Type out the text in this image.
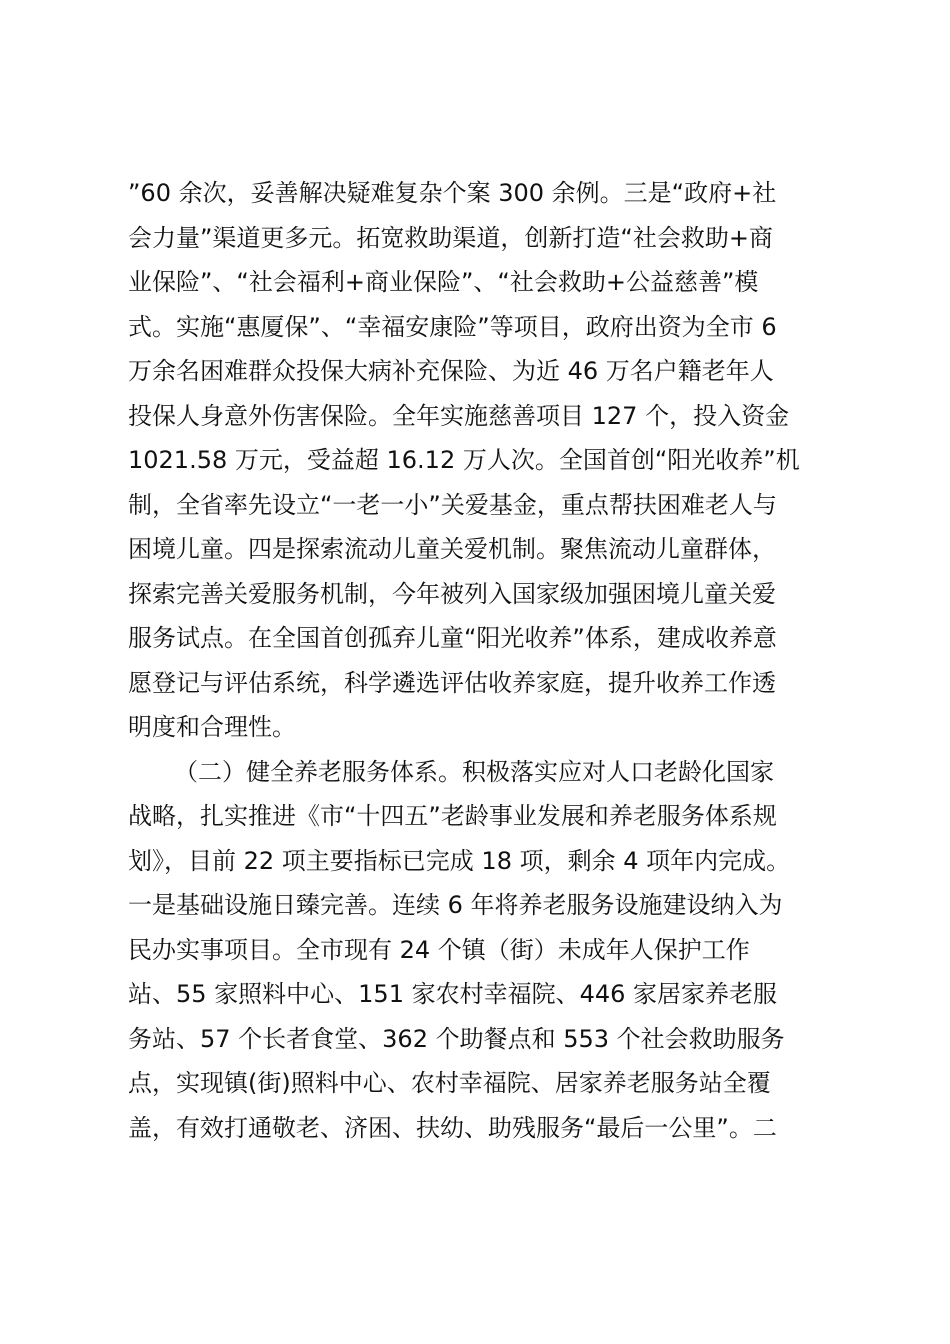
”60 余次，妥善解决疑难复杂个案 300 余例。三是“政府+社
会力量”渠道更多元。拓宽救助渠道，创新打造“社会救助+商
业保险”、“社会福利+商业保险”、“社会救助+公益慈善”模
式。实施“惠厦保”、“幸福安康险”等项目，政府出资为全市 6
万余名困难群众投保大病补充保险、为近 46 万名户籍老年人
投保人身意外伤害保险。全年实施慈善项目 127 个，投入资金
1021.58 万元，受益超 16.12 万人次。全国首创“阳光收养”机
制，全省率先设立“一老一小”关爱基金，重点帮扶困难老人与
困境儿童。四是探索流动儿童关爱机制。聚焦流动儿童群体，
探索完善关爱服务机制，今年被列入国家级加强困境儿童关爱
服务试点。在全国首创孤弃儿童“阳光收养”体系，建成收养意
愿登记与评估系统，科学遴选评估收养家庭，提升收养工作透
明度和合理性。
（二）健全养老服务体系。积极落实应对人口老龄化国家
战略，扎实推进《市“十四五”老龄事业发展和养老服务体系规
划》，目前 22 项主要指标已完成 18 项，剩余 4 项年内完成。
一是基础设施日臻完善。连续 6 年将养老服务设施建设纳入为
民办实事项目。全市现有 24 个镇（街）未成年人保护工作
站、55 家照料中心、151 家农村幸福院、446 家居家养老服
务站、57 个长者食堂、362 个助餐点和 553 个社会救助服务
点，实现镇(街)照料中心、农村幸福院、居家养老服务站全覆
盖，有效打通敬老、济困、扶幼、助残服务“最后一公里”。二
